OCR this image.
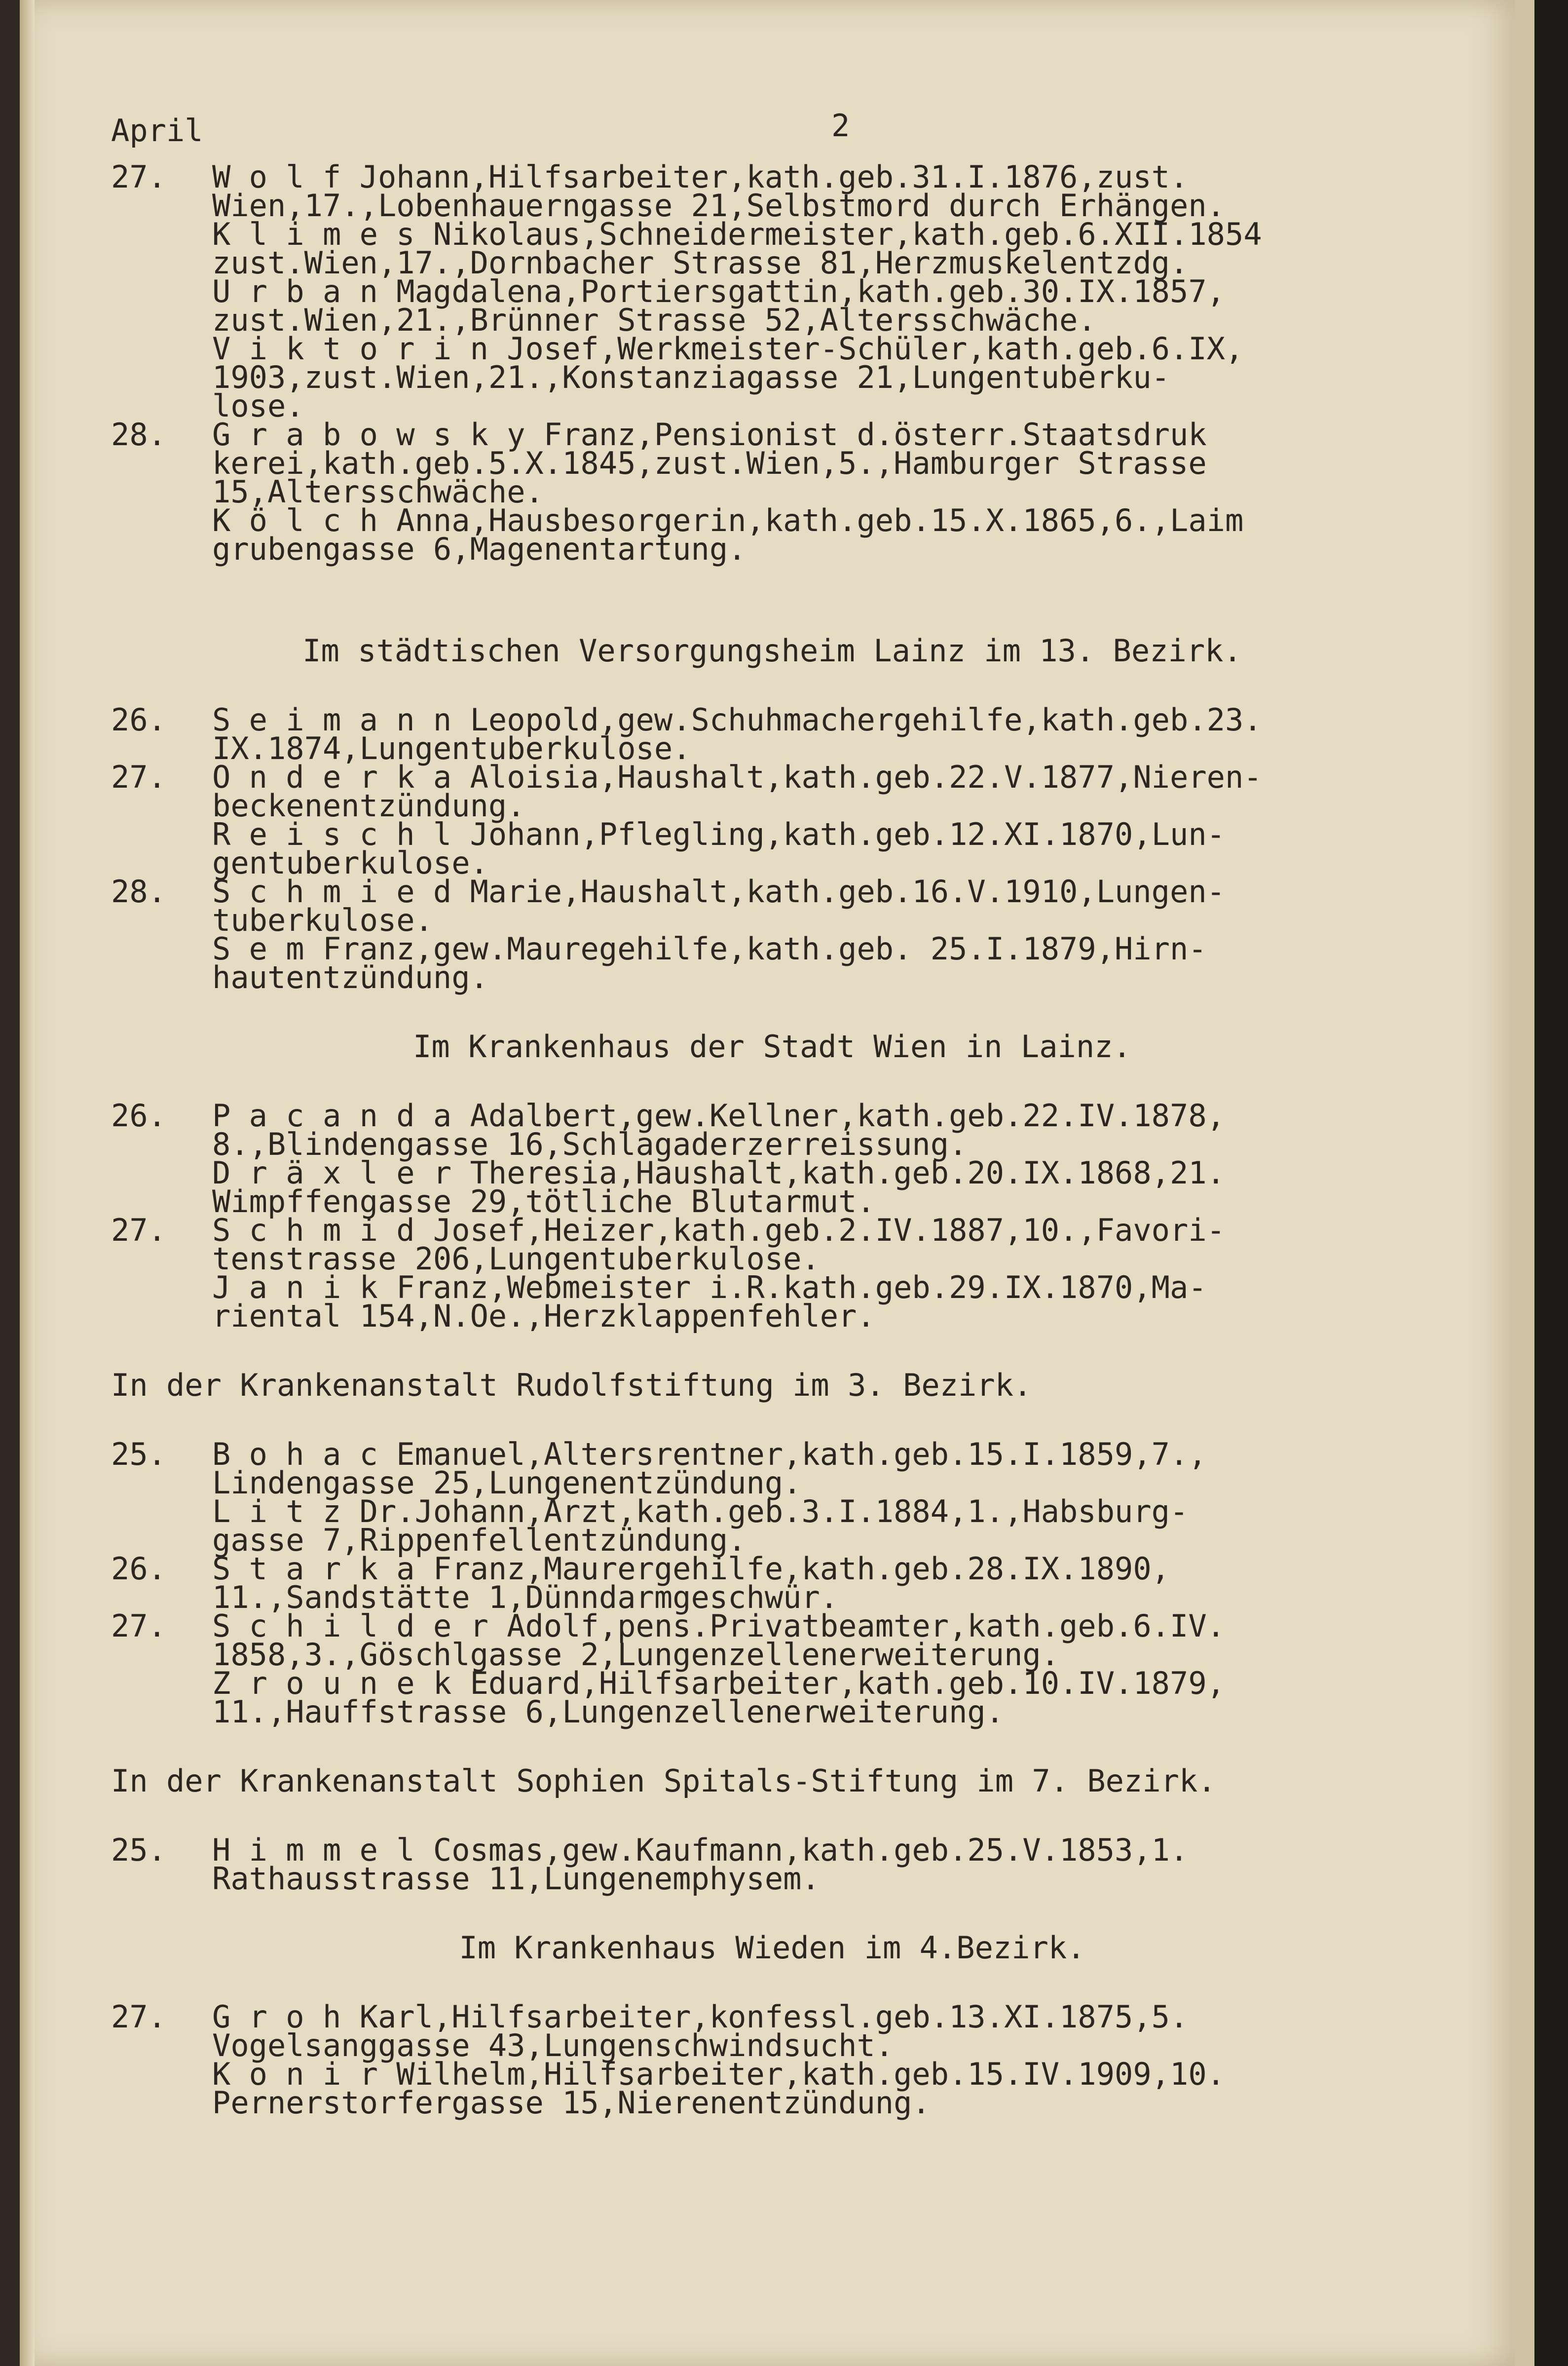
April	2
27.	W o l f Johann,Hilfsarbeiter,kath.geb.31.I.1876,zust.
Wien,17.,Lobenhauerngasse 21,Selbstmord durch Erhängen.
K l i m e s Nikolaus,Schneidermeister,kath.geb.6.XII.1854
zust.Wien,17.,Dornbacher Strasse 81,Herzmuskelentzdg.
U r b a n Magdalena,Portiersgattin,kath.geb.30.IX.1857,
zust.Wien,21.,Brünner Strasse 52,Altersschwäche.
V i k t o r i n Josef,Werkmeister-Schüler,kath.geb.6.IX,
1903,zust.Wien,21.,Konstanziagasse 21,Lungentuberku-
lose.
28.	G r a b o w s k y Franz,Pensionist d.österr.Staatsdruk
kerei,kath.geb.5.X.1845,zust.Wien,5.,Hamburger Strasse
15,Altersschwäche.
K ö l c h Anna,Hausbesorgerin,kath.geb.15.X.1865,6.,Laim
grubengasse 6,Magenentartung.
Im städtischen Versorgungsheim Lainz im 13. Bezirk.
26.	S e i m a n n Leopold,gew.Schuhmachergehilfe,kath.geb.23.
IX.1874,Lungentuberkulose.
27.	O n d e r k a Aloisia,Haushalt,kath.geb.22.V.1877,Nieren-
beckenentzündung.
R e i s c h l Johann,Pflegling,kath.geb.12.XI.1870,Lun-
gentuberkulose.
28.	S c h m i e d Marie,Haushalt,kath.geb.16.V.1910,Lungen-
tuberkulose.
S e m Franz,gew.Mauregehilfe,kath.geb. 25.I.1879,Hirn-
hautentzündung.
Im Krankenhaus der Stadt Wien in Lainz.
26.	P a c a n d a Adalbert,gew.Kellner,kath.geb.22.IV.1878,
8.,Blindengasse 16,Schlagaderzerreissung.
D r ä x l e r Theresia,Haushalt,kath.geb.20.IX.1868,21.
Wimpffengasse 29,tötliche Blutarmut.
27.	S c h m i d Josef,Heizer,kath.geb.2.IV.1887,10.,Favori-
tenstrasse 206,Lungentuberkulose.
J a n i k Franz,Webmeister i.R.kath.geb.29.IX.1870,Ma-
riental 154,N.Oe.,Herzklappenfehler.
In der Krankenanstalt Rudolfstiftung im 3. Bezirk.
25.	B o h a c Emanuel,Altersrentner,kath.geb.15.I.1859,7.,
Lindengasse 25,Lungenentzündung.
L i t z Dr.Johann,Arzt,kath.geb.3.I.1884,1.,Habsburg-
gasse 7,Rippenfellentzündung.
26.	S t a r k a Franz,Maurergehilfe,kath.geb.28.IX.1890,
11.,Sandstätte 1,Dünndarmgeschwür.
27.	S c h i l d e r Adolf,pens.Privatbeamter,kath.geb.6.IV.
1858,3.,Göschlgasse 2,Lungenzellenerweiterung.
Z r o u n e k Eduard,Hilfsarbeiter,kath.geb.10.IV.1879,
11.,Hauffstrasse 6,Lungenzellenerweiterung.
In der Krankenanstalt Sophien Spitals-Stiftung im 7. Bezirk.
25.	H i m m e l Cosmas,gew.Kaufmann,kath.geb.25.V.1853,1.
Rathausstrasse 11,Lungenemphysem.
Im Krankenhaus Wieden im 4.Bezirk.
27.	G r o h Karl,Hilfsarbeiter,konfessl.geb.13.XI.1875,5.
Vogelsanggasse 43,Lungenschwindsucht.
K o n i r Wilhelm,Hilfsarbeiter,kath.geb.15.IV.1909,10.
Pernerstorfergasse 15,Nierenentzündung.
